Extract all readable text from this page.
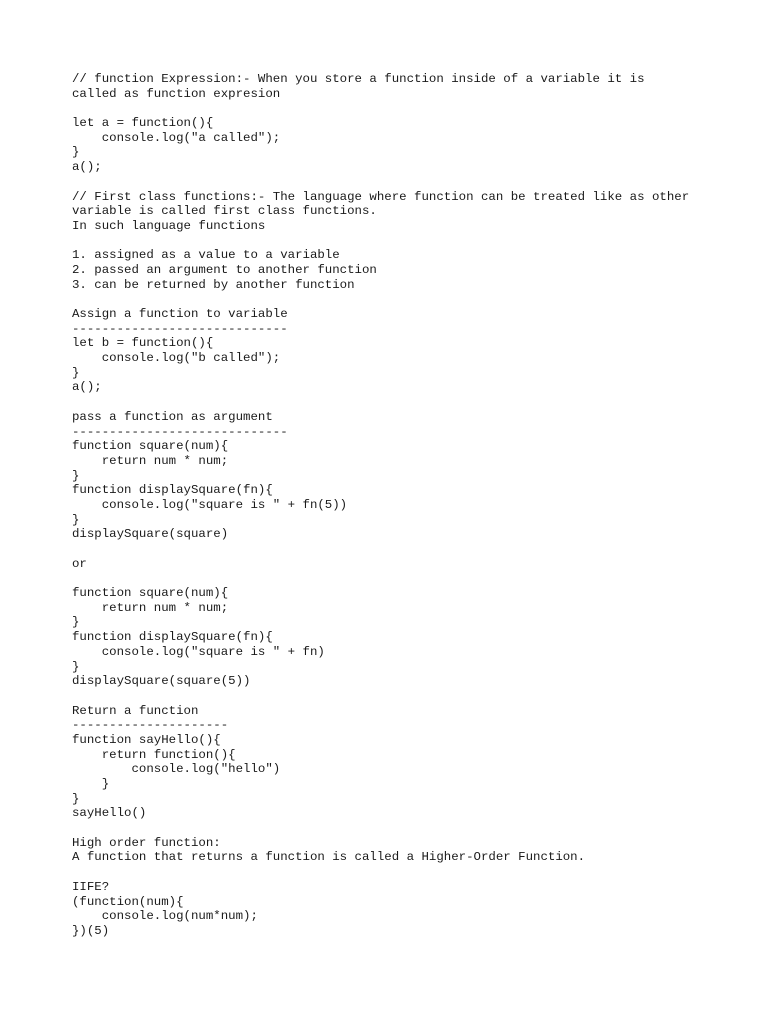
// function Expression:- When you store a function inside of a variable it is
called as function expresion
let a = function(){
console.log("a called");
}
a();
// First class functions:- The language where function can be treated like as other
variable is called first class functions.
In such language functions
1. assigned as a value to a variable
2. passed an argument to another function
3. can be returned by another function
Assign a function to variable
-----------------------------
let b = function(){
console.log("b called");
}
a();
pass a function as argument
-----------------------------
function square(num){
return num * num;
}
function displaySquare(fn){
console.log("square is " + fn(5))
}
displaySquare(square)
or
function square(num){
return num * num;
}
function displaySquare(fn){
console.log("square is " + fn)
}
displaySquare(square(5))
Return a function
---------------------
function sayHello(){
return function(){
console.log("hello")
}
}
sayHello()
High order function:
A function that returns a function is called a Higher-Order Function.
IIFE?
(function(num){
console.log(num*num);
})(5)
